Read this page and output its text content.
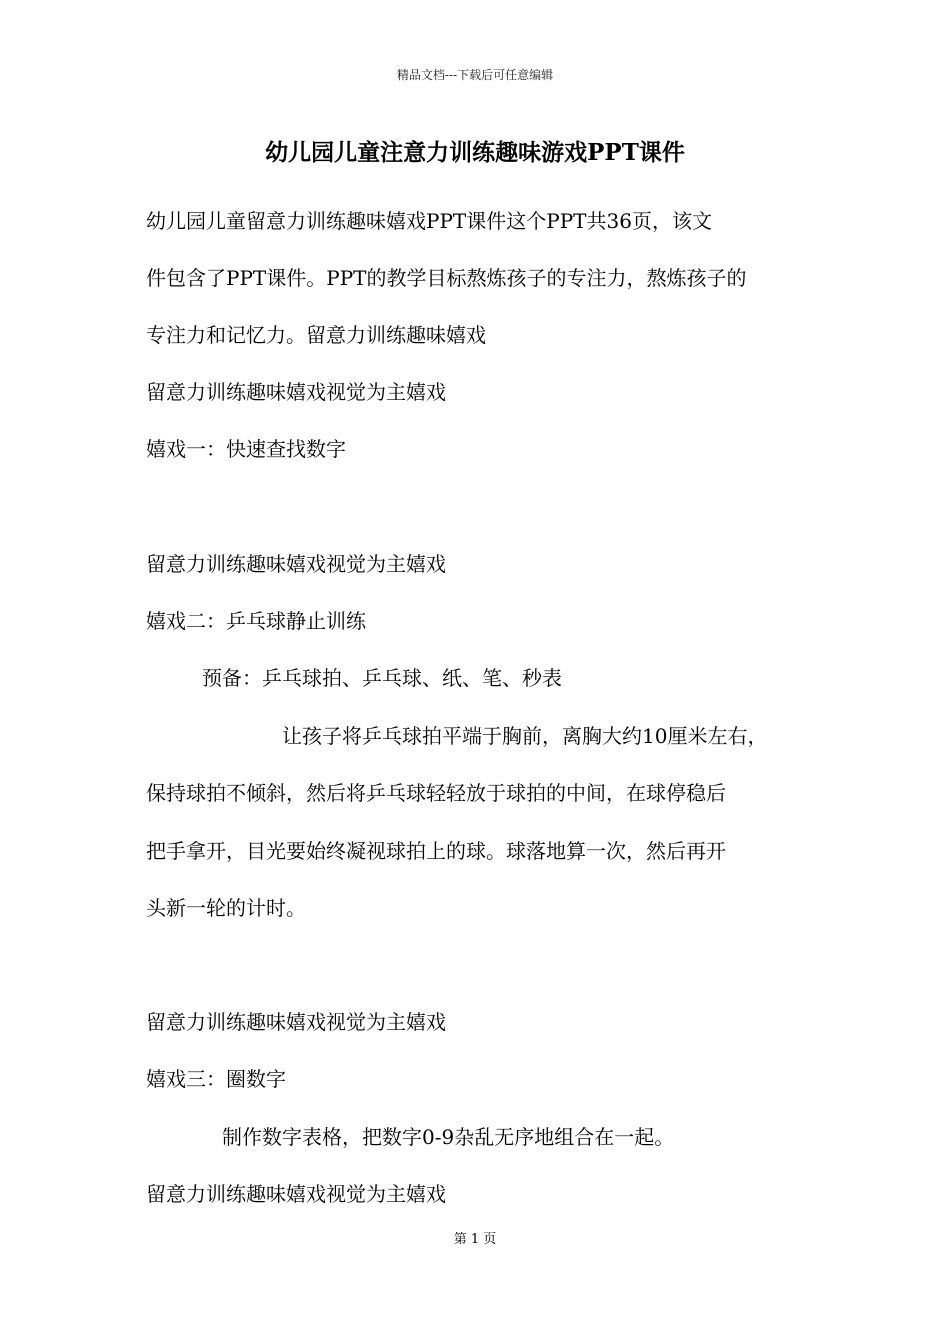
精品文档---下载后可任意编辑
幼儿园儿童注意力训练趣味游戏PPT课件
幼儿园儿童留意力训练趣味嬉戏PPT课件这个PPT共36页，该文
件包含了PPT课件。PPT的教学目标熬炼孩子的专注力，熬炼孩子的
专注力和记忆力。留意力训练趣味嬉戏
留意力训练趣味嬉戏视觉为主嬉戏
嬉戏一：快速查找数字
留意力训练趣味嬉戏视觉为主嬉戏
嬉戏二：乒乓球静止训练
预备：乒乓球拍、乒乓球、纸、笔、秒表
让孩子将乒乓球拍平端于胸前，离胸大约10厘米左右，
保持球拍不倾斜，然后将乒乓球轻轻放于球拍的中间，在球停稳后
把手拿开，目光要始终凝视球拍上的球。球落地算一次，然后再开
头新一轮的计时。
留意力训练趣味嬉戏视觉为主嬉戏
嬉戏三：圈数字
制作数字表格，把数字0-9杂乱无序地组合在一起。
留意力训练趣味嬉戏视觉为主嬉戏
第 1 页
